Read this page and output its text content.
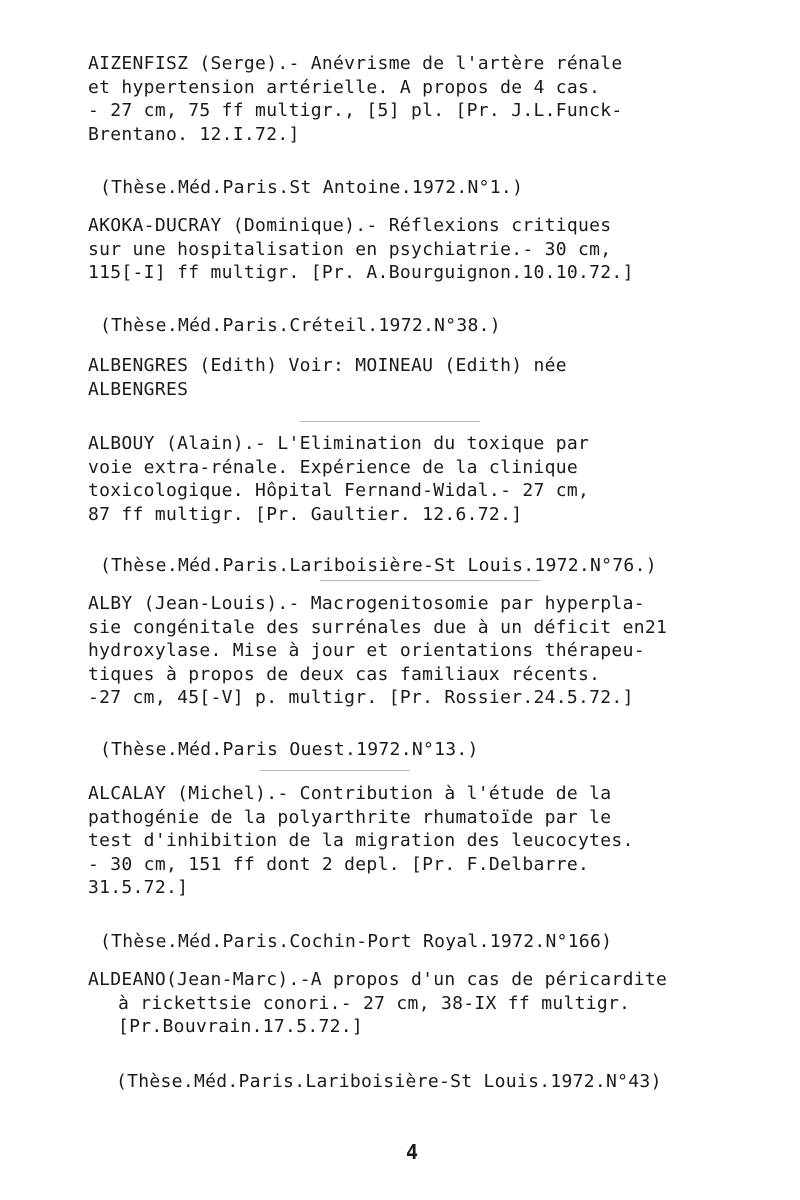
AIZENFISZ (Serge).- Anévrisme de l'artère rénale
et hypertension artérielle. A propos de 4 cas.
- 27 cm, 75 ff multigr., [5] pl. [Pr. J.L.Funck-
Brentano. 12.I.72.]
(Thèse.Méd.Paris.St Antoine.1972.N°1.)
AKOKA-DUCRAY (Dominique).- Réflexions critiques
sur une hospitalisation en psychiatrie.- 30 cm,
115[-I] ff multigr. [Pr. A.Bourguignon.10.10.72.]
(Thèse.Méd.Paris.Créteil.1972.N°38.)
ALBENGRES (Edith) Voir: MOINEAU (Edith) née
ALBENGRES
ALBOUY (Alain).- L'Elimination du toxique par
voie extra-rénale. Expérience de la clinique
toxicologique. Hôpital Fernand-Widal.- 27 cm,
87 ff multigr. [Pr. Gaultier. 12.6.72.]
(Thèse.Méd.Paris.Lariboisière-St Louis.1972.N°76.)
ALBY (Jean-Louis).- Macrogenitosomie par hyperpla-
sie congénitale des surrénales due à un déficit en21
hydroxylase. Mise à jour et orientations thérapeu-
tiques à propos de deux cas familiaux récents.
-27 cm, 45[-V] p. multigr. [Pr. Rossier.24.5.72.]
(Thèse.Méd.Paris Ouest.1972.N°13.)
ALCALAY (Michel).- Contribution à l'étude de la
pathogénie de la polyarthrite rhumatoïde par le
test d'inhibition de la migration des leucocytes.
- 30 cm, 151 ff dont 2 depl. [Pr. F.Delbarre.
31.5.72.]
(Thèse.Méd.Paris.Cochin-Port Royal.1972.N°166)
ALDEANO(Jean-Marc).-A propos d'un cas de péricardite
à rickettsie conori.- 27 cm, 38-IX ff multigr.
[Pr.Bouvrain.17.5.72.]
(Thèse.Méd.Paris.Lariboisière-St Louis.1972.N°43)
4
